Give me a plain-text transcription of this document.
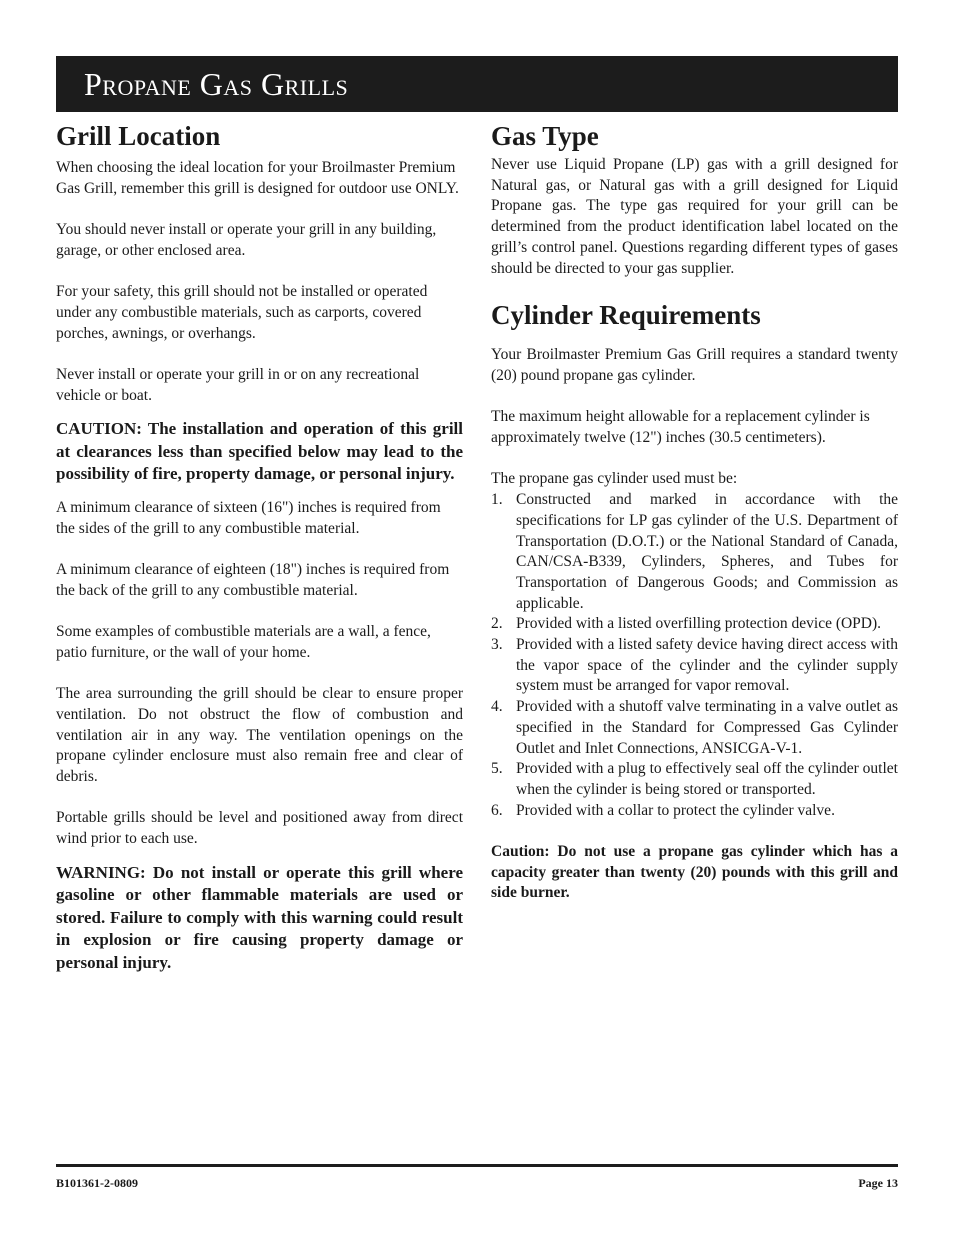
Propane Gas Grills
Grill Location

When choosing the ideal location for your Broilmaster Premium Gas Grill, remember this grill is designed for outdoor use ONLY.

You should never install or operate your grill in any building, garage, or other enclosed area.

For your safety, this grill should not be installed or operated under any combustible materials, such as carports, covered porches, awnings, or overhangs.

Never install or operate your grill in or on any recreational vehicle or boat.

CAUTION: The installation and operation of this grill at clearances less than specified below may lead to the possibility of fire, property damage, or personal injury.

A minimum clearance of sixteen (16") inches is required from the sides of the grill to any combustible material.

A minimum clearance of eighteen (18") inches is required from the back of the grill to any combustible material.

Some examples of combustible materials are a wall, a fence, patio furniture, or the wall of your home.

The area surrounding the grill should be clear to ensure proper ventilation. Do not obstruct the flow of combustion and ventilation air in any way. The ventilation openings on the propane cylinder enclosure must also remain free and clear of debris.

Portable grills should be level and positioned away from direct wind prior to each use.

WARNING: Do not install or operate this grill where gasoline or other flammable materials are used or stored. Failure to comply with this warning could result in explosion or fire causing property damage or personal injury.

Gas Type

Never use Liquid Propane (LP) gas with a grill designed for Natural gas, or Natural gas with a grill designed for Liquid Propane gas. The type gas required for your grill can be determined from the product identification label located on the grill’s control panel. Questions regarding different types of gases should be directed to your gas supplier.

Cylinder Requirements

Your Broilmaster Premium Gas Grill requires a standard twenty (20) pound propane gas cylinder.

The maximum height allowable for a replacement cylinder is approximately twelve (12") inches (30.5 centimeters).

The propane gas cylinder used must be:

1. Constructed and marked in accordance with the specifications for LP gas cylinder of the U.S. Department of Transportation (D.O.T.) or the National Standard of Canada, CAN/CSA-B339, Cylinders, Spheres, and Tubes for Transportation of Dangerous Goods; and Commission as applicable.
2. Provided with a listed overfilling protection device (OPD).
3. Provided with a listed safety device having direct access with the vapor space of the cylinder and the cylinder supply system must be arranged for vapor removal.
4. Provided with a shutoff valve terminating in a valve outlet as specified in the Standard for Compressed Gas Cylinder Outlet and Inlet Connections, ANSICGA-V-1.
5. Provided with a plug to effectively seal off the cylinder outlet when the cylinder is being stored or transported.
6. Provided with a collar to protect the cylinder valve.

Caution: Do not use a propane gas cylinder which has a capacity greater than twenty (20) pounds with this grill and side burner.

B101361-2-0809	Page 13
